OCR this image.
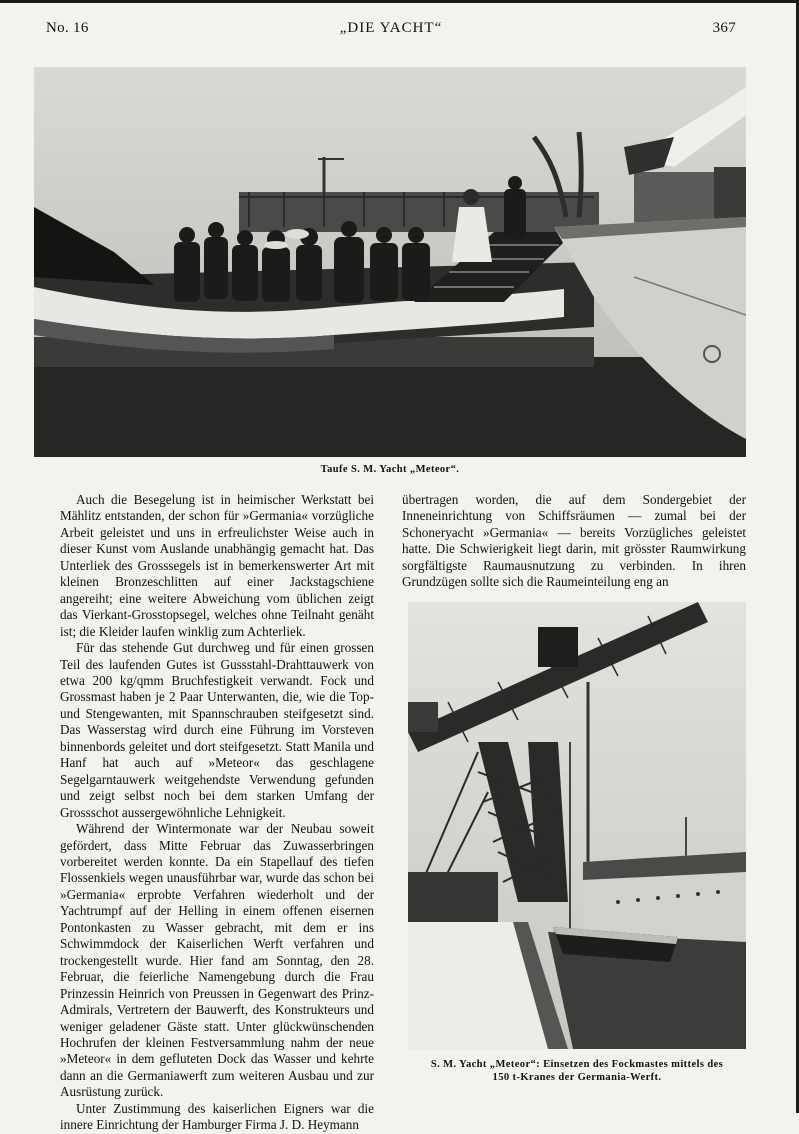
No. 16	„DIE YACHT“	367
Taufe S. M. Yacht „Meteor“.

Auch die Besegelung ist in heimischer Werkstatt bei Mählitz entstanden, der schon für »Germania« vorzügliche Arbeit geleistet und uns in erfreulichster Weise auch in dieser Kunst vom Auslande unabhängig gemacht hat. Das Unterliek des Grosssegels ist in bemerkenswerter Art mit kleinen Bronzeschlitten auf einer Jackstagschiene angereiht; eine weitere Abweichung vom üblichen zeigt das Vierkant-Grosstopsegel, welches ohne Teilnaht genäht ist; die Kleider laufen winklig zum Achterliek.

Für das stehende Gut durchweg und für einen grossen Teil des laufenden Gutes ist Gussstahl-Drahttauwerk von etwa 200 kg/qmm Bruchfestigkeit verwandt. Fock und Grossmast haben je 2 Paar Unterwanten, die, wie die Top- und Stengewanten, mit Spannschrauben steifgesetzt sind. Das Wasserstag wird durch eine Führung im Vorsteven binnenbords geleitet und dort steifgesetzt. Statt Manila und Hanf hat auch auf »Meteor« das geschlagene Segelgarntauwerk weitgehendste Verwendung gefunden und zeigt selbst noch bei dem starken Umfang der Grossschot aussergewöhnliche Lehnigkeit.

Während der Wintermonate war der Neubau soweit gefördert, dass Mitte Februar das Zuwasserbringen vorbereitet werden konnte. Da ein Stapellauf des tiefen Flossenkiels wegen unausführbar war, wurde das schon bei »Germania« erprobte Verfahren wiederholt und der Yachtrumpf auf der Helling in einem offenen eisernen Pontonkasten zu Wasser gebracht, mit dem er ins Schwimmdock der Kaiserlichen Werft verfahren und trockengestellt wurde. Hier fand am Sonntag, den 28. Februar, die feierliche Namengebung durch die Frau Prinzessin Heinrich von Preussen in Gegenwart des Prinz-Admirals, Vertretern der Bauwerft, des Konstrukteurs und weniger geladener Gäste statt. Unter glückwünschenden Hochrufen der kleinen Festversammlung nahm der neue »Meteor« in dem gefluteten Dock das Wasser und kehrte dann an die Germaniawerft zum weiteren Ausbau und zur Ausrüstung zurück.

Unter Zustimmung des kaiserlichen Eigners war die innere Einrichtung der Hamburger Firma J. D. Heymann

übertragen worden, die auf dem Sondergebiet der Inneneinrichtung von Schiffsräumen — zumal bei der Schoneryacht »Germania« — bereits Vorzügliches geleistet hatte. Die Schwierigkeit liegt darin, mit grösster Raumwirkung sorgfältigste Raumausnutzung zu verbinden. In ihren Grundzügen sollte sich die Raumeinteilung eng an

S. M. Yacht „Meteor“: Einsetzen des Fockmastes mittels des
150 t-Kranes der Germania-Werft.
